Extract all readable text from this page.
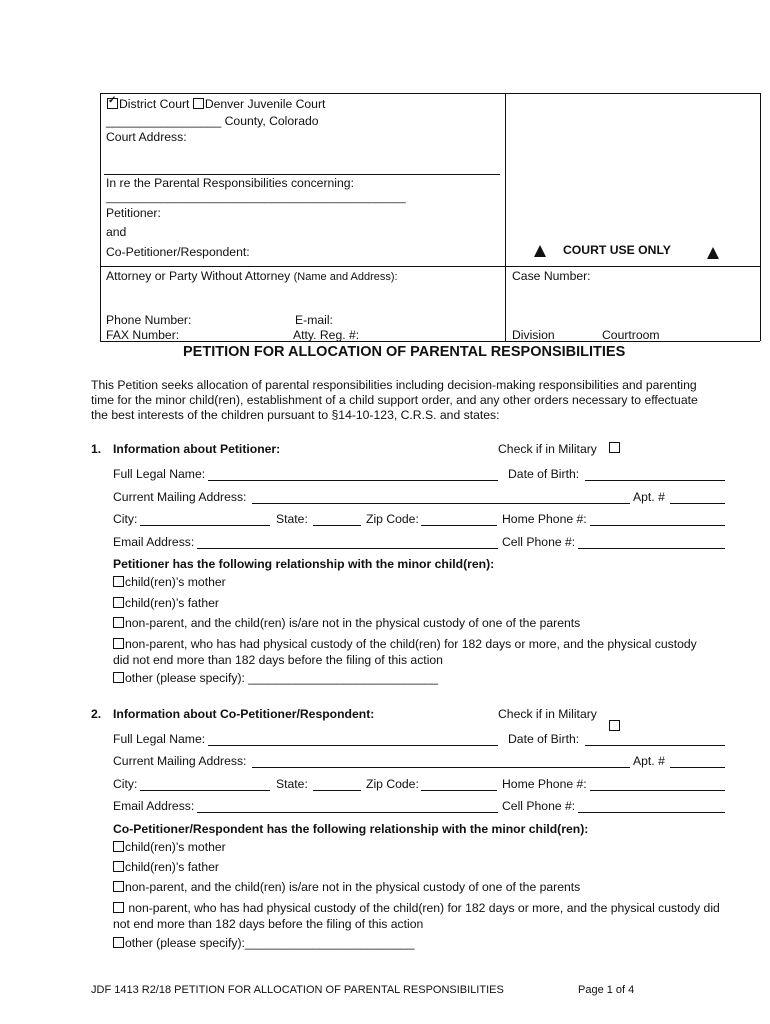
✓District Court Denver Juvenile Court
_________________ County, Colorado
Court Address:
In re the Parental Responsibilities concerning:
_________________________________________________
Petitioner:
and
Co-Petitioner/Respondent:	COURT USE ONLY
Attorney or Party Without Attorney (Name and Address):	Case Number:
Phone Number:	E-mail:
FAX Number:	Atty. Reg. #:	Division	Courtroom
PETITION FOR ALLOCATION OF PARENTAL RESPONSIBILITIES
This Petition seeks allocation of parental responsibilities including decision-making responsibilities and parenting
time for the minor child(ren), establishment of a child support order, and any other orders necessary to effectuate
the best interests of the children pursuant to §14-10-123, C.R.S. and states:
1. Information about Petitioner:	Check if in Military
Full Legal Name:	Date of Birth:
Current Mailing Address:	Apt. #
City:	State:	Zip Code:	Home Phone #:
Email Address:	Cell Phone #:
Petitioner has the following relationship with the minor child(ren):
child(ren)’s mother
child(ren)’s father
non-parent, and the child(ren) is/are not in the physical custody of one of the parents
non-parent, who has had physical custody of the child(ren) for 182 days or more, and the physical custody
did not end more than 182 days before the filing of this action
other (please specify): ____________________________
2. Information about Co-Petitioner/Respondent:	Check if in Military
Full Legal Name:	Date of Birth:
Current Mailing Address:	Apt. #
City:	State:	Zip Code:	Home Phone #:
Email Address:	Cell Phone #:
Co-Petitioner/Respondent has the following relationship with the minor child(ren):
child(ren)’s mother
child(ren)’s father
non-parent, and the child(ren) is/are not in the physical custody of one of the parents
non-parent, who has had physical custody of the child(ren) for 182 days or more, and the physical custody did
not end more than 182 days before the filing of this action
other (please specify):_________________________
JDF 1413 R2/18 PETITION FOR ALLOCATION OF PARENTAL RESPONSIBILITIES	Page 1 of 4
